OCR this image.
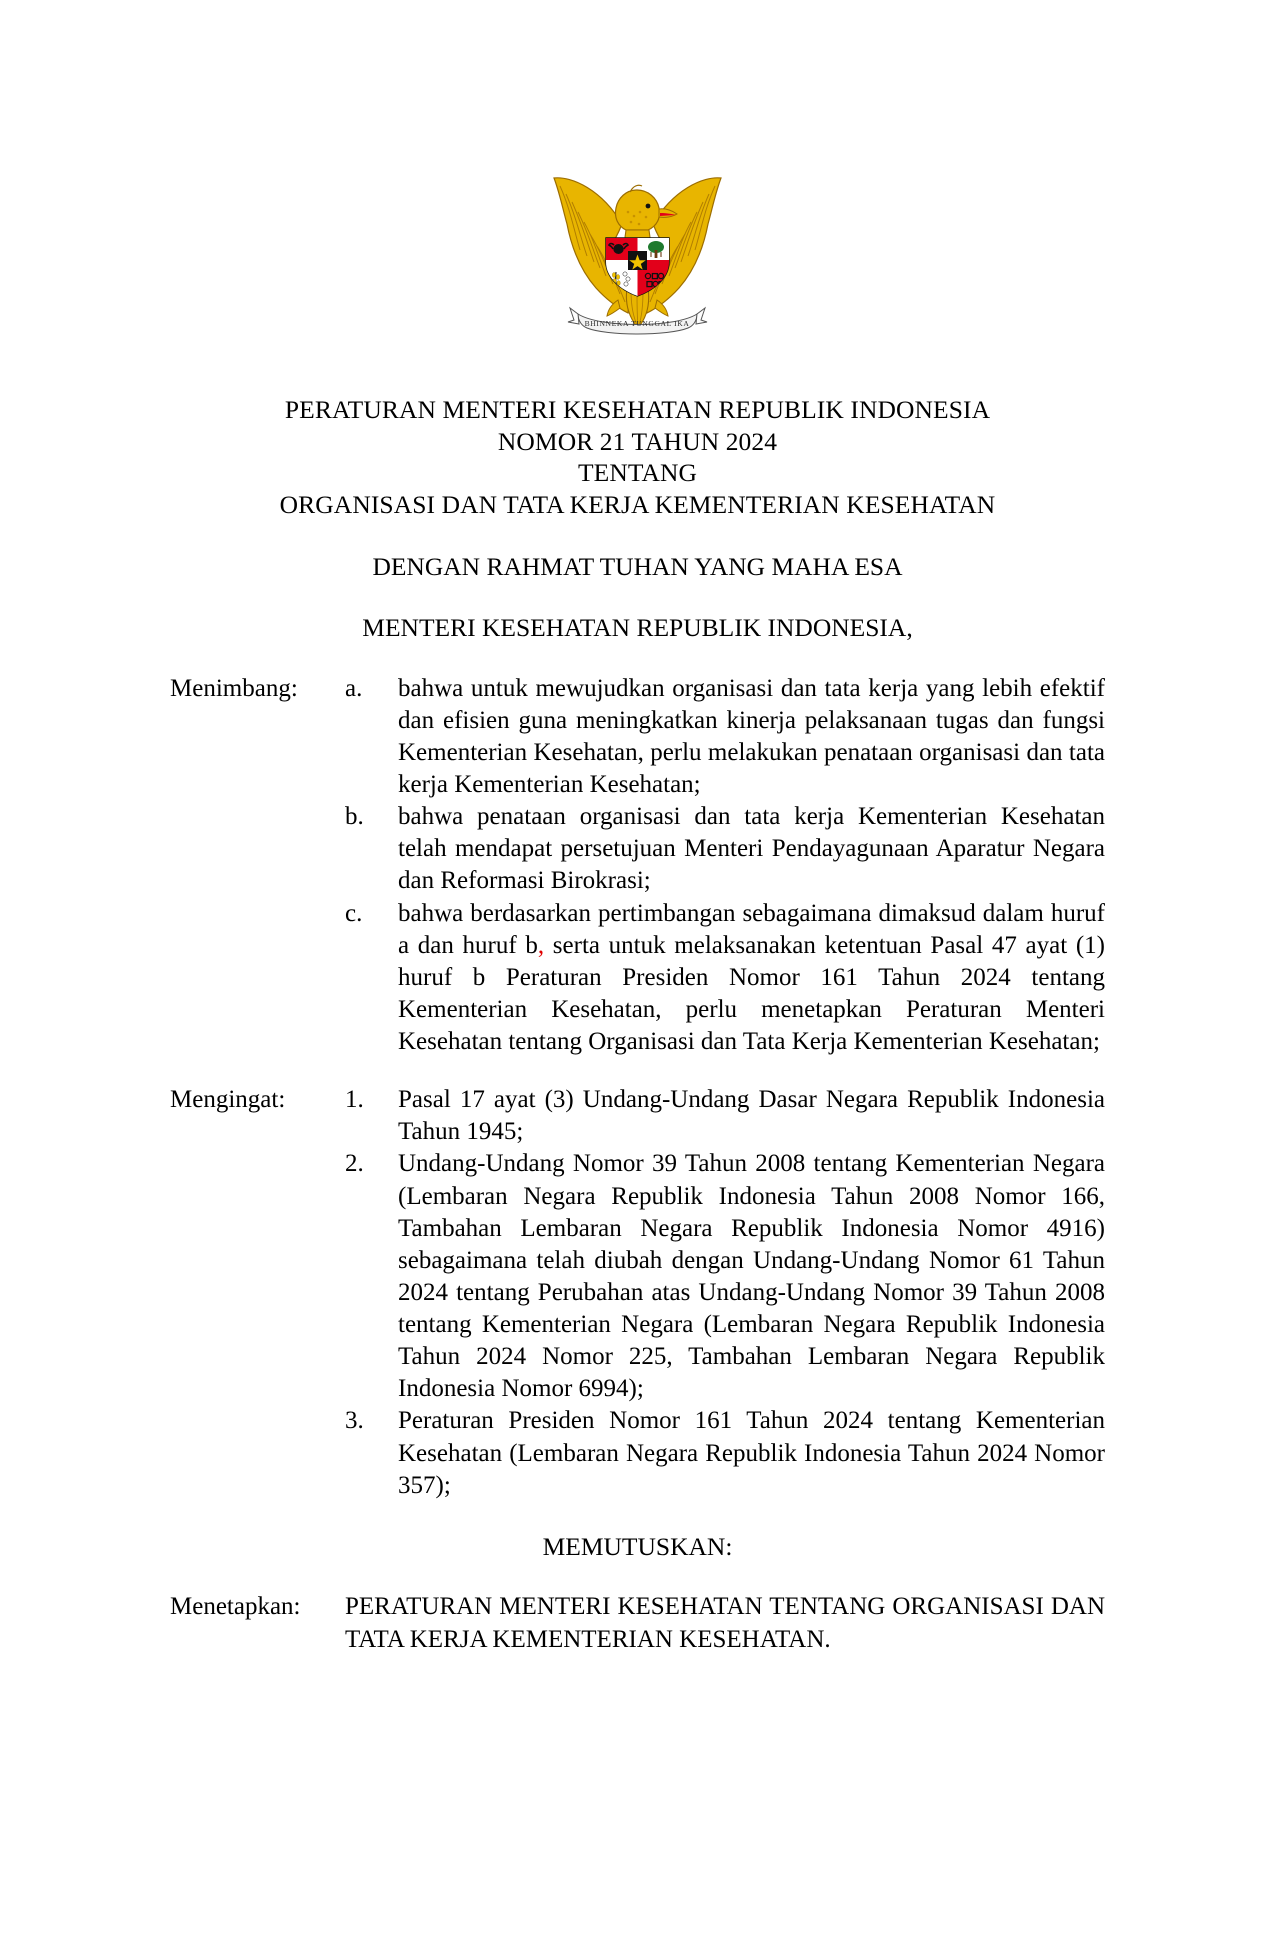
BHINNEKA TUNGGAL IKA
PERATURAN MENTERI KESEHATAN REPUBLIK INDONESIA
NOMOR 21 TAHUN 2024
TENTANG
ORGANISASI DAN TATA KERJA KEMENTERIAN KESEHATAN
DENGAN RAHMAT TUHAN YANG MAHA ESA
MENTERI KESEHATAN REPUBLIK INDONESIA,
Menimbang:	a.	bahwa untuk mewujudkan organisasi dan tata kerja yang lebih efektif dan efisien guna meningkatkan kinerja pelaksanaan tugas dan fungsi Kementerian Kesehatan, perlu melakukan penataan organisasi dan tata kerja Kementerian Kesehatan;
b.	bahwa penataan organisasi dan tata kerja Kementerian Kesehatan telah mendapat persetujuan Menteri Pendayagunaan Aparatur Negara dan Reformasi Birokrasi;
c.	bahwa berdasarkan pertimbangan sebagaimana dimaksud dalam huruf a dan huruf b, serta untuk melaksanakan ketentuan Pasal 47 ayat (1) huruf b Peraturan Presiden Nomor 161 Tahun 2024 tentang Kementerian Kesehatan, perlu menetapkan Peraturan Menteri Kesehatan tentang Organisasi dan Tata Kerja Kementerian Kesehatan;
Mengingat:	1.	Pasal 17 ayat (3) Undang-Undang Dasar Negara Republik Indonesia Tahun 1945;
2.	Undang-Undang Nomor 39 Tahun 2008 tentang Kementerian Negara (Lembaran Negara Republik Indonesia Tahun 2008 Nomor 166, Tambahan Lembaran Negara Republik Indonesia Nomor 4916) sebagaimana telah diubah dengan Undang-Undang Nomor 61 Tahun 2024 tentang Perubahan atas Undang-Undang Nomor 39 Tahun 2008 tentang Kementerian Negara (Lembaran Negara Republik Indonesia Tahun 2024 Nomor 225, Tambahan Lembaran Negara Republik Indonesia Nomor 6994);
3.	Peraturan Presiden Nomor 161 Tahun 2024 tentang Kementerian Kesehatan (Lembaran Negara Republik Indonesia Tahun 2024 Nomor 357);
MEMUTUSKAN:
Menetapkan:	PERATURAN MENTERI KESEHATAN TENTANG ORGANISASI DAN TATA KERJA KEMENTERIAN KESEHATAN.
